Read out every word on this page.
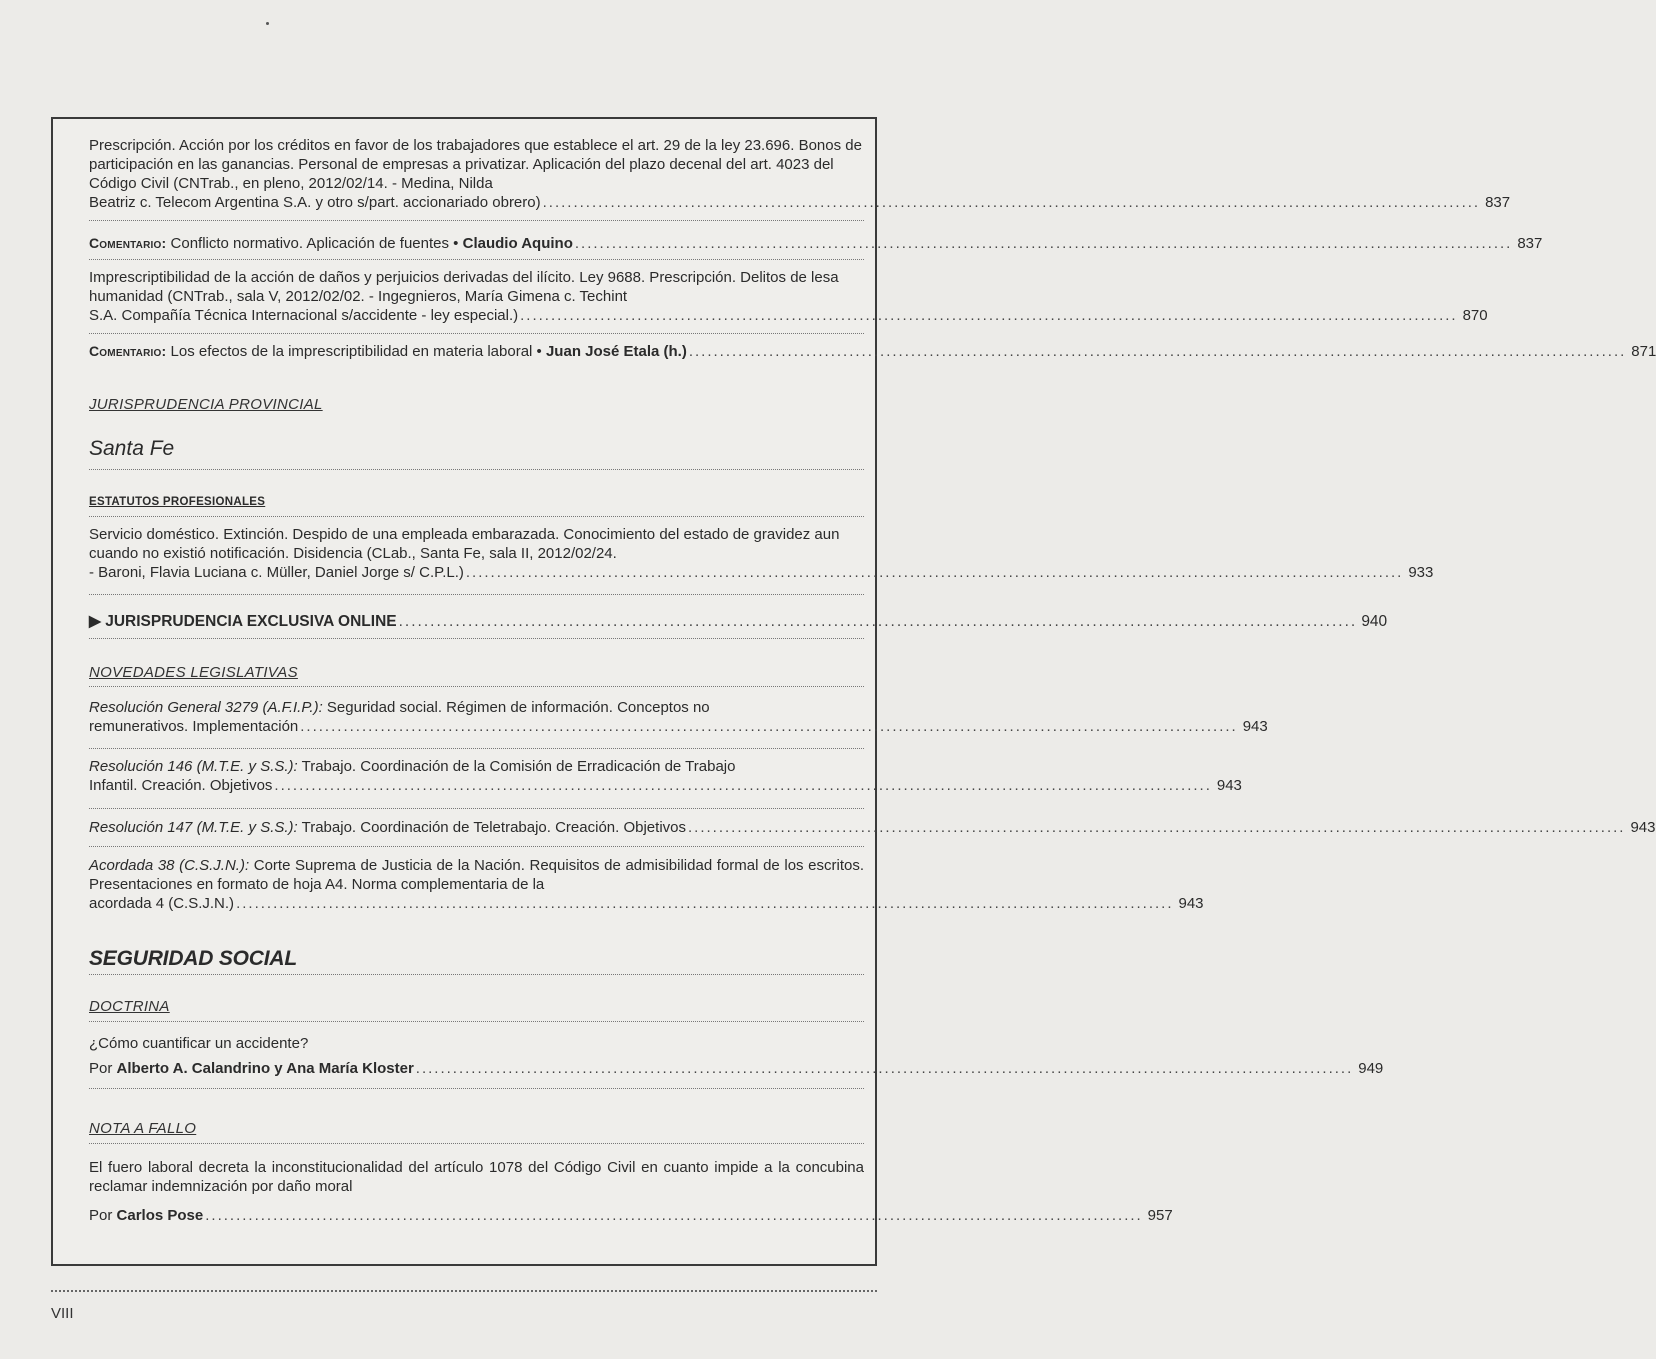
Prescripción. Acción por los créditos en favor de los trabajadores que establece el art. 29 de la ley 23.696. Bonos de participación en las ganancias. Personal de empresas a privatizar. Aplicación del plazo decenal del art. 4023 del Código Civil (CNTrab., en pleno, 2012/02/14. - Medina, Nilda

Beatriz c. Telecom Argentina S.A. y otro s/part. accionariado obrero) ........................................................................................................................................................ 837
Comentario: Conflicto normativo. Aplicación de fuentes • Claudio Aquino ........................................................................................................................................................ 837

Imprescriptibilidad de la acción de daños y perjuicios derivadas del ilícito. Ley 9688. Prescripción. Delitos de lesa humanidad (CNTrab., sala V, 2012/02/02. - Ingegnieros, María Gimena c. Techint

S.A. Compañía Técnica Internacional s/accidente - ley especial.) ........................................................................................................................................................ 870
Comentario: Los efectos de la imprescriptibilidad en materia laboral • Juan José Etala (h.) ........................................................................................................................................................ 871
JURISPRUDENCIA PROVINCIAL
Santa Fe
ESTATUTOS PROFESIONALES

Servicio doméstico. Extinción. Despido de una empleada embarazada. Conocimiento del estado de gravidez aun cuando no existió notificación. Disidencia (CLab., Santa Fe, sala II, 2012/02/24.

- Baroni, Flavia Luciana c. Müller, Daniel Jorge s/ C.P.L.) ........................................................................................................................................................ 933
▶ JURISPRUDENCIA EXCLUSIVA ONLINE ........................................................................................................................................................ 940
NOVEDADES LEGISLATIVAS

Resolución General 3279 (A.F.I.P.): Seguridad social. Régimen de información. Conceptos no

remunerativos. Implementación ........................................................................................................................................................ 943

Resolución 146 (M.T.E. y S.S.): Trabajo. Coordinación de la Comisión de Erradicación de Trabajo

Infantil. Creación. Objetivos ........................................................................................................................................................ 943
Resolución 147 (M.T.E. y S.S.): Trabajo. Coordinación de Teletrabajo. Creación. Objetivos ........................................................................................................................................................ 943

Acordada 38 (C.S.J.N.): Corte Suprema de Justicia de la Nación. Requisitos de admisibilidad formal de los escritos. Presentaciones en formato de hoja A4. Norma complementaria de la

acordada 4 (C.S.J.N.) ........................................................................................................................................................ 943
SEGURIDAD SOCIAL
DOCTRINA

¿Cómo cuantificar un accidente?

Por Alberto A. Calandrino y Ana María Kloster ........................................................................................................................................................ 949
NOTA A FALLO

El fuero laboral decreta la inconstitucionalidad del artículo 1078 del Código Civil en cuanto impide a la concubina reclamar indemnización por daño moral

Por Carlos Pose ........................................................................................................................................................ 957
VIII
